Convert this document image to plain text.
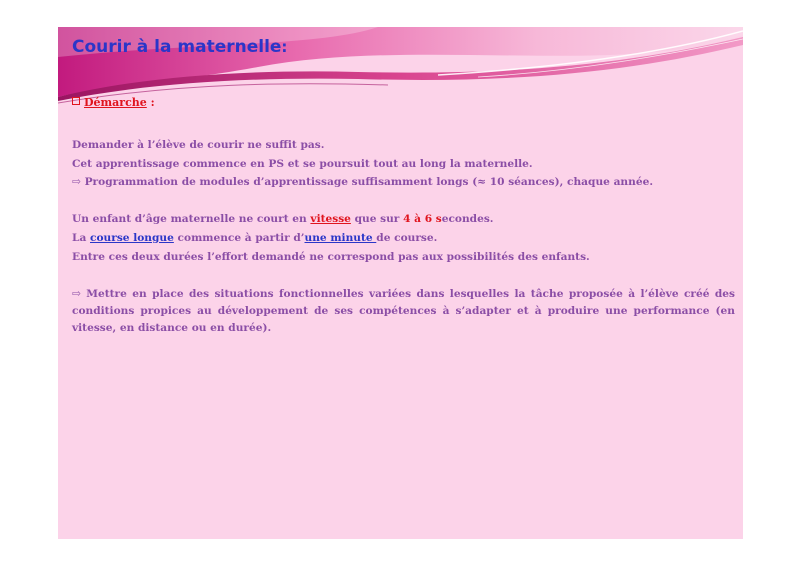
Courir à la maternelle:
Démarche :

Demander à l’élève de courir ne suffit pas.

Cet apprentissage commence en PS et se poursuit tout au long la maternelle.

⇨ Programmation de modules d’apprentissage suffisamment longs (≈ 10 séances), chaque année.

Un enfant d’âge maternelle ne court en vitesse que sur 4 à 6 secondes.

La course longue commence à partir d’une minute de course.

Entre ces deux durées l’effort demandé ne correspond pas aux possibilités des enfants.

⇨ Mettre en place des situations fonctionnelles variées dans lesquelles la tâche proposée à l’élève créé des conditions propices au développement de ses compétences à s’adapter et à produire une performance (en vitesse, en distance ou en durée).
